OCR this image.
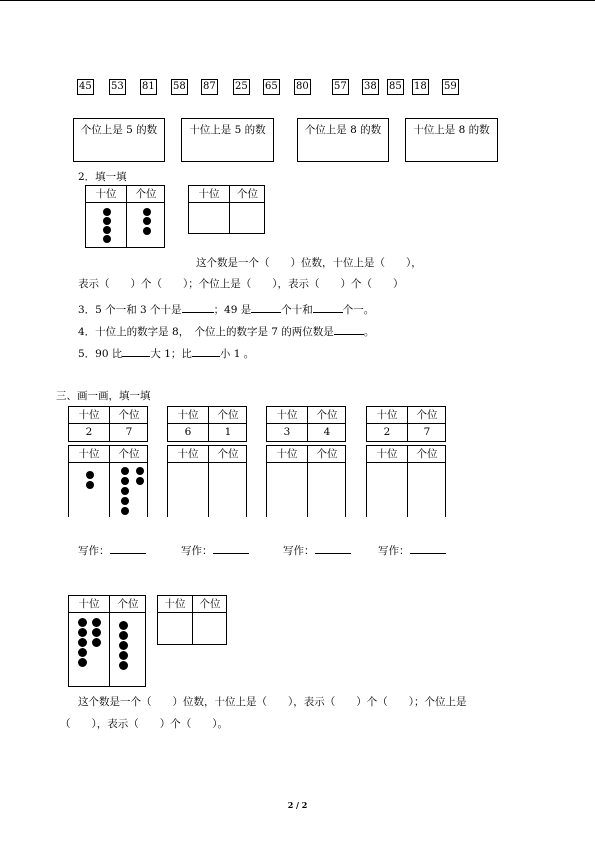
45 53 81 58 87 25 65 80	57 38 85 18 59
个位上是 5 的数	十位上是 5 的数	个位上是 8 的数	十位上是 8 的数
2．填一填
十位	个位	十位	个位
这个数是一个（　　）位数，十位上是（　　），
表示（　　）个（　　）；个位上是（　　），表示（　　）个（　　）
3．5 个一和 3 个十是	；49 是	个十和	个一。
4．十位上的数字是 8，　个位上的数字是 7 的两位数是	。
5．90 比	大 1；比	小 1 。
三、画一画，填一填
十位	个位
2	7
十位	个位
6	1
十位	个位
3	4
十位	个位
2	7
十位	个位	十位	个位	十位	个位	十位	个位
写作：	写作：	写作：	写作：
十位	个位	十位	个位
这个数是一个（　　）位数，十位上是（　　），表示（　　）个（　　）；个位上是
（　　），表示（　　）个（　　）。
2 / 2
